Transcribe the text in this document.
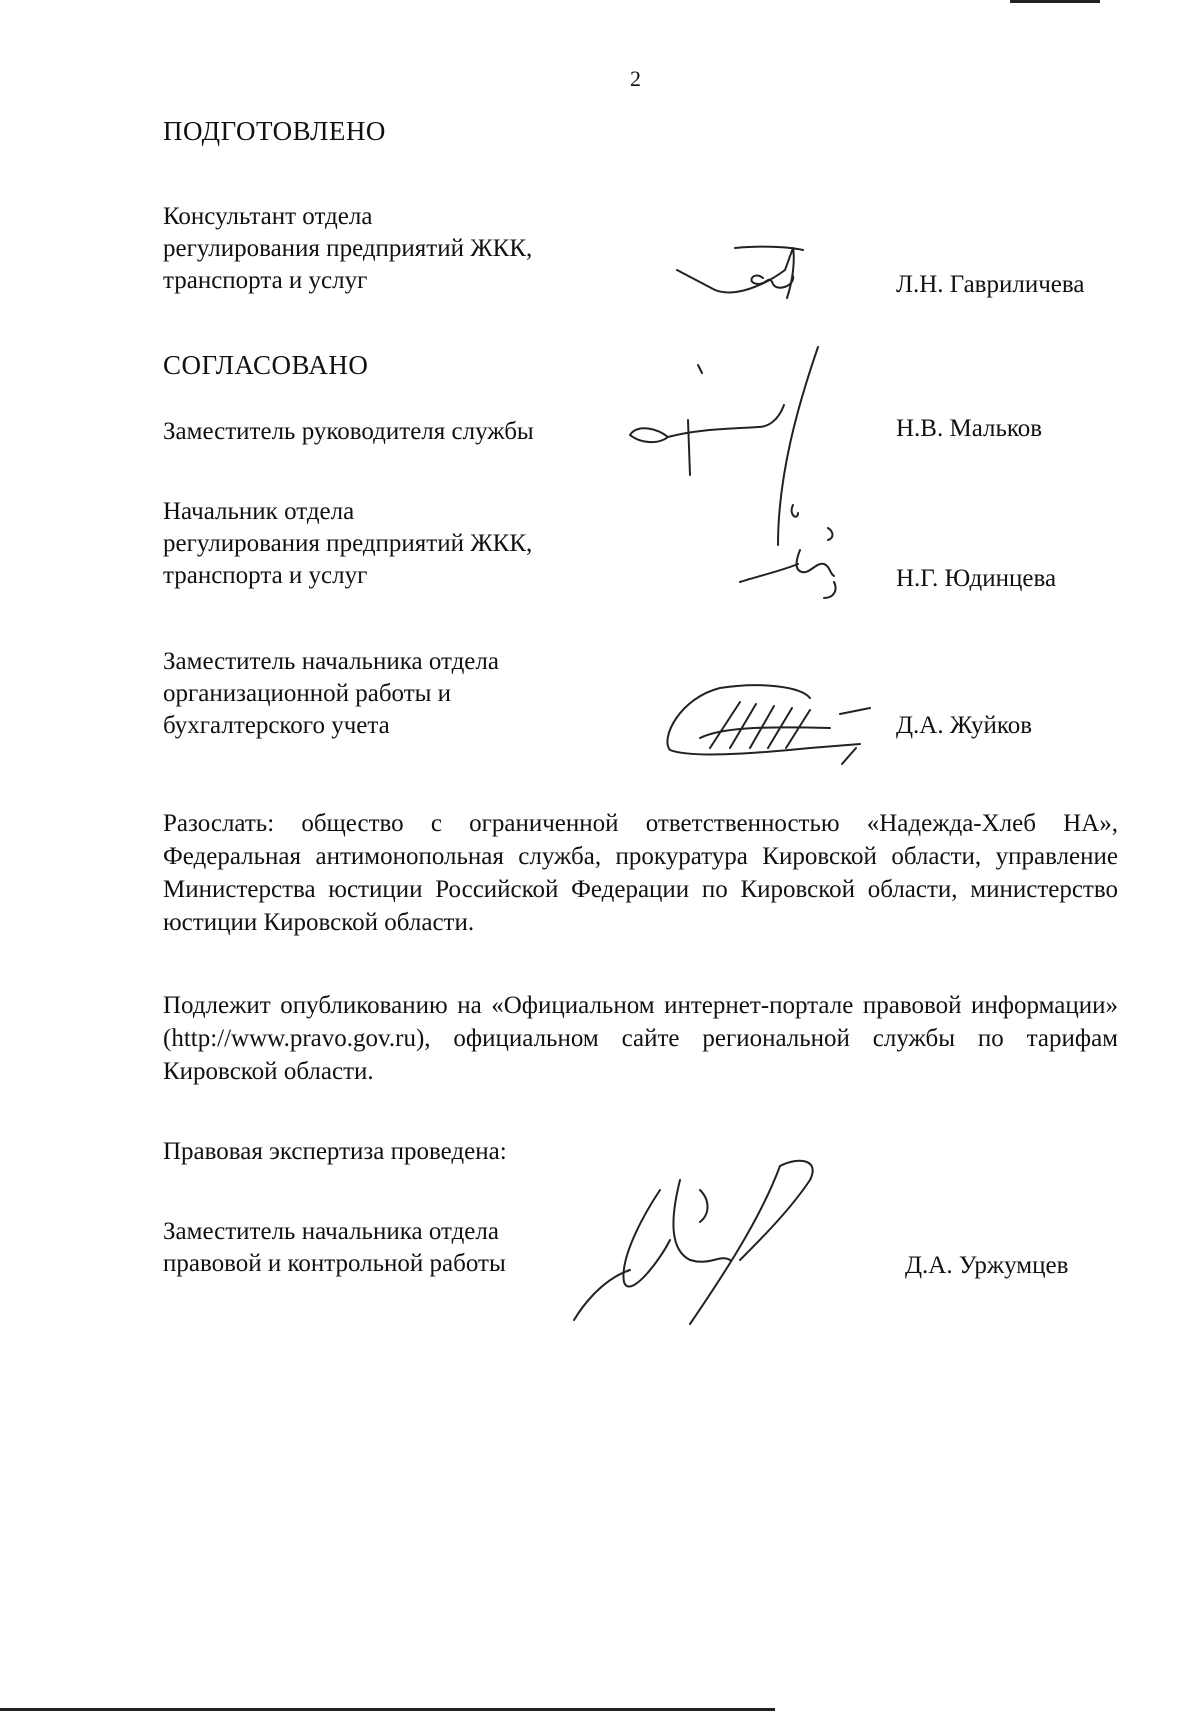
2
ПОДГОТОВЛЕНО
Консультант отдела
регулирования предприятий ЖКК,
транспорта и услуг	Л.Н. Гавриличева
СОГЛАСОВАНО
Заместитель руководителя службы	Н.В. Мальков
Начальник отдела
регулирования предприятий ЖКК,
транспорта и услуг	Н.Г. Юдинцева
Заместитель начальника отдела
организационной работы и
бухгалтерского учета	Д.А. Жуйков
Разослать: общество с ограниченной ответственностью «Надежда-Хлеб НА», Федеральная антимонопольная служба, прокуратура Кировской области, управление Министерства юстиции Российской Федерации по Кировской области, министерство юстиции Кировской области.
Подлежит опубликованию на «Официальном интернет-портале правовой информации» (http://www.pravo.gov.ru), официальном сайте региональной службы по тарифам Кировской области.
Правовая экспертиза проведена:
Заместитель начальника отдела
правовой и контрольной работы	Д.А. Уржумцев
